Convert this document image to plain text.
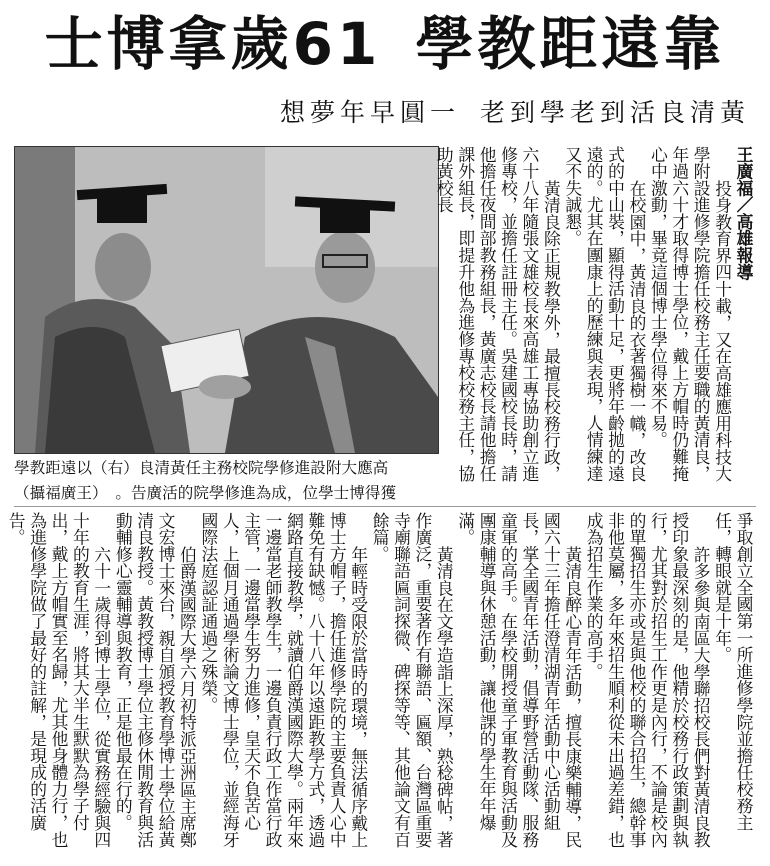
士博拿歲61 學教距遠靠
想夢年早圓一 老到學老到活良清黃
學教距遠以（右）良清黃任主務校院學修進設附大應高
（攝福廣王）　。告廣活的院學修進為成，位學士博得獲

王廣福／高雄報導

投身教育界四十載，又在高雄應用科技大學附設進修學院擔任校務主任要職的黃清良，年過六十才取得博士學位，戴上方帽時仍難掩心中激動，畢竟這個博士學位得來不易。

在校園中，黃清良的衣著獨樹一幟，改良式的中山裝，顯得活動十足，更將年齡拋的遠遠的。尤其在團康上的歷練與表現，人情練達又不失誠懇。

黃清良除正規教學外，最擅長校務行政，六十八年隨張文雄校長來高雄工專協助創立進修專校，並擔任註冊主任。吳建國校長時，請他擔任夜間部教務組長，黃廣志校長請他擔任課外組長，即提升他為進修專校校務主任，協助黃校長

爭取創立全國第一所進修學院並擔任校務主任，轉眼就是十年。

許多參與南區大學聯招校長們對黃清良教授印象最深刻的是，他精於校務行政策劃與執行，尤其對於招生工作更是內行，不論是校內的單獨招生亦或是與他校的聯合招生，總幹事非他莫屬，多年來招生順利從未出過差錯，也成為招生作業的高手。

黃清良醉心青年活動，擅長康樂輔導，民國六十三年擔任澄清湖青年活動中心活動組長，掌全國青年活動，倡導野營活動隊、服務童軍的高手。在學校開授童子軍教育與活動及團康輔導與休憩活動，讓他課的學生年年爆滿。

黃清良在文學造詣上深厚，熟稔碑帖，著作廣泛，重要著作有聯語、匾額、台灣區重要寺廟聯語匾詞探微、碑探等等、其他論文有百餘篇。

年輕時受限於當時的環境，無法循序戴上博士方帽子，擔任進修學院的主要負責人心中難免有缺憾。八十八年以遠距教學方式，透過網路直接教學，就讀伯爵漢國際大學。兩年來一邊當老師教學生，一邊負責行政工作當行政主管，一邊當學生努力進修，皇天不負苦心人，上個月通過學術論文博士學位，並經海牙國際法庭認証通過之殊榮。

伯爵漢國際大學六月初特派亞洲區主席鄭文宏博士來台，親自頒授教育學博士學位給黃清良教授。黃教授博士學位主修休閒教育與活動輔修心靈輔導與教育，正是他最在行的。

六十一歲得到博士學位，從實務經驗與四十年的教育生涯，將其大半生默默為學子付出，戴上方帽實至名歸，尤其他身體力行，也為進修學院做了最好的註解，是現成的活廣告。
